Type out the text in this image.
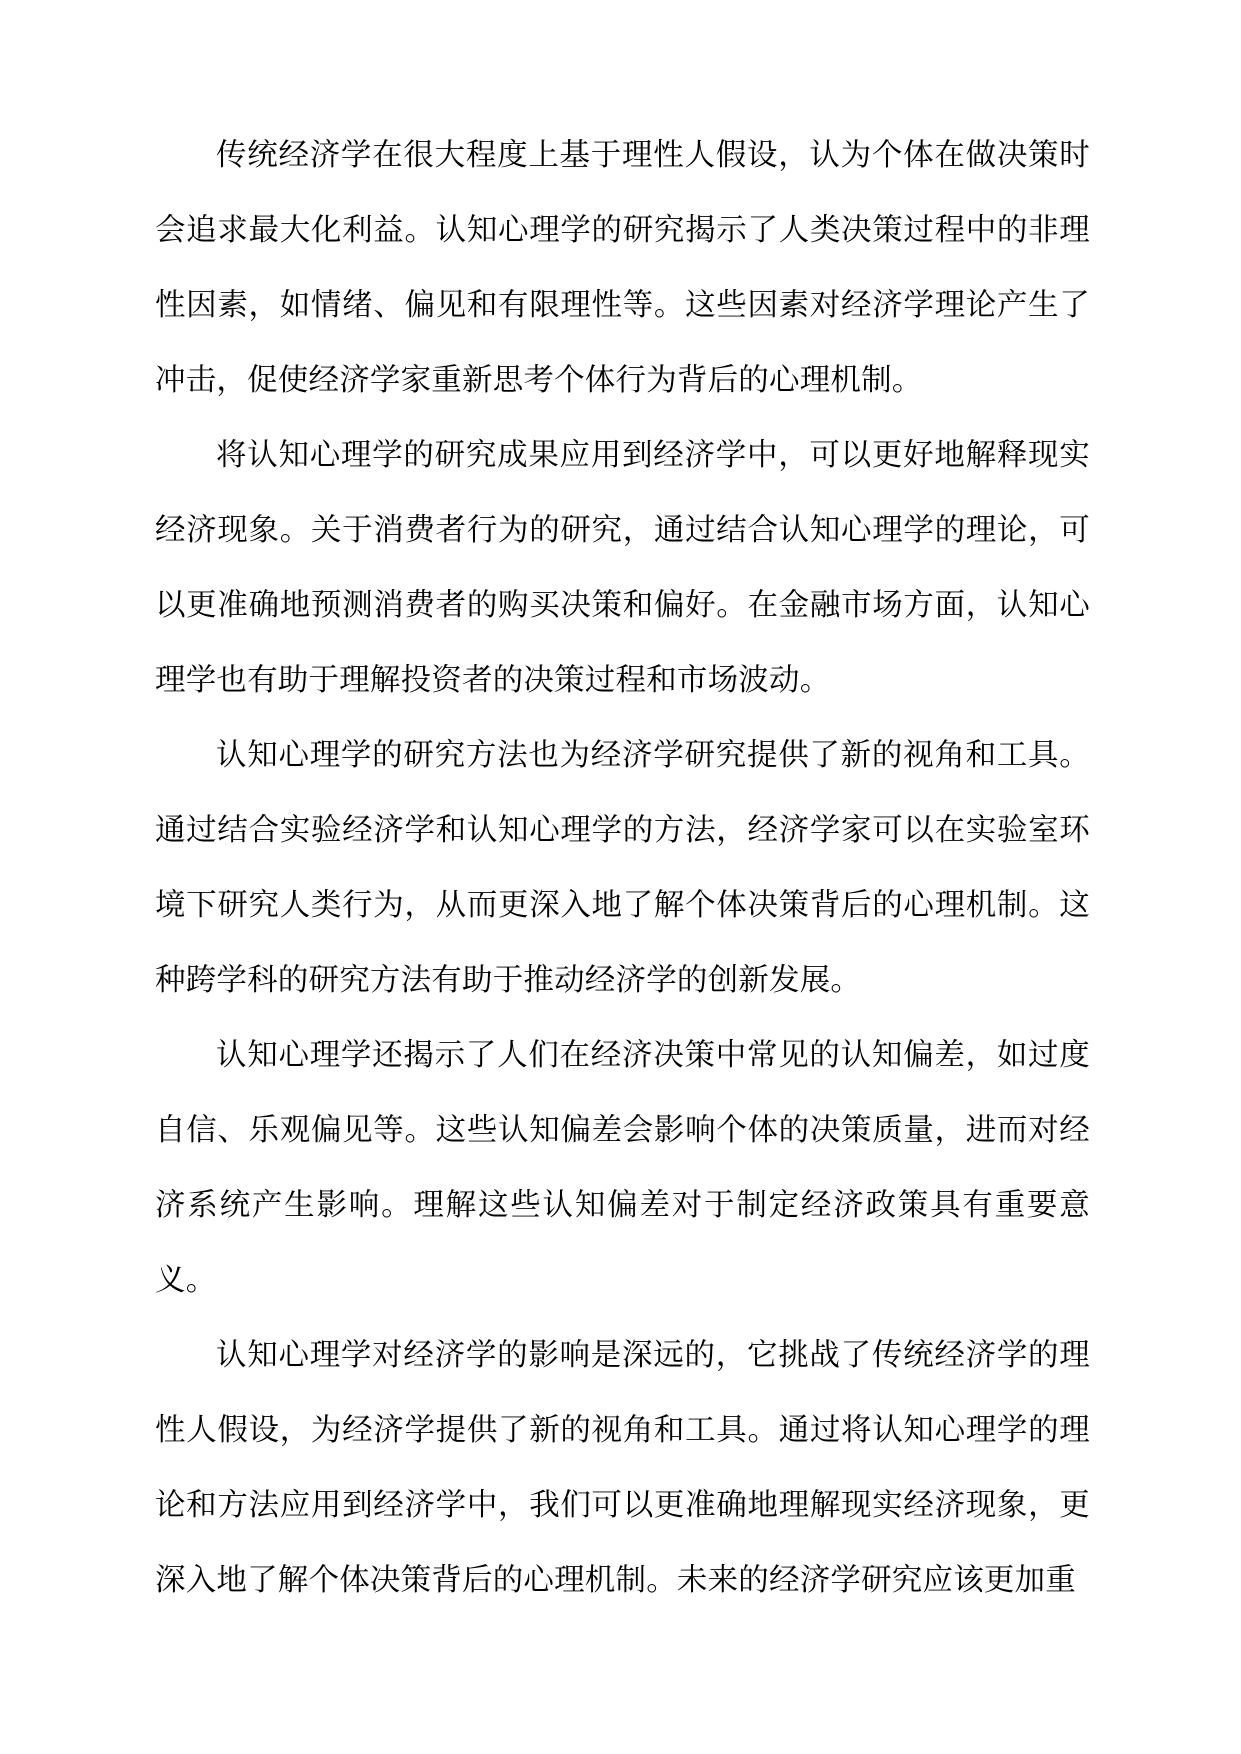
传统经济学在很大程度上基于理性人假设，认为个体在做决策时会追求最大化利益。认知心理学的研究揭示了人类决策过程中的非理性因素，如情绪、偏见和有限理性等。这些因素对经济学理论产生了冲击，促使经济学家重新思考个体行为背后的心理机制。

将认知心理学的研究成果应用到经济学中，可以更好地解释现实经济现象。关于消费者行为的研究，通过结合认知心理学的理论，可以更准确地预测消费者的购买决策和偏好。在金融市场方面，认知心理学也有助于理解投资者的决策过程和市场波动。

认知心理学的研究方法也为经济学研究提供了新的视角和工具。通过结合实验经济学和认知心理学的方法，经济学家可以在实验室环境下研究人类行为，从而更深入地了解个体决策背后的心理机制。这种跨学科的研究方法有助于推动经济学的创新发展。

认知心理学还揭示了人们在经济决策中常见的认知偏差，如过度自信、乐观偏见等。这些认知偏差会影响个体的决策质量，进而对经济系统产生影响。理解这些认知偏差对于制定经济政策具有重要意义。

认知心理学对经济学的影响是深远的，它挑战了传统经济学的理性人假设，为经济学提供了新的视角和工具。通过将认知心理学的理论和方法应用到经济学中，我们可以更准确地理解现实经济现象，更深入地了解个体决策背后的心理机制。未来的经济学研究应该更加重
